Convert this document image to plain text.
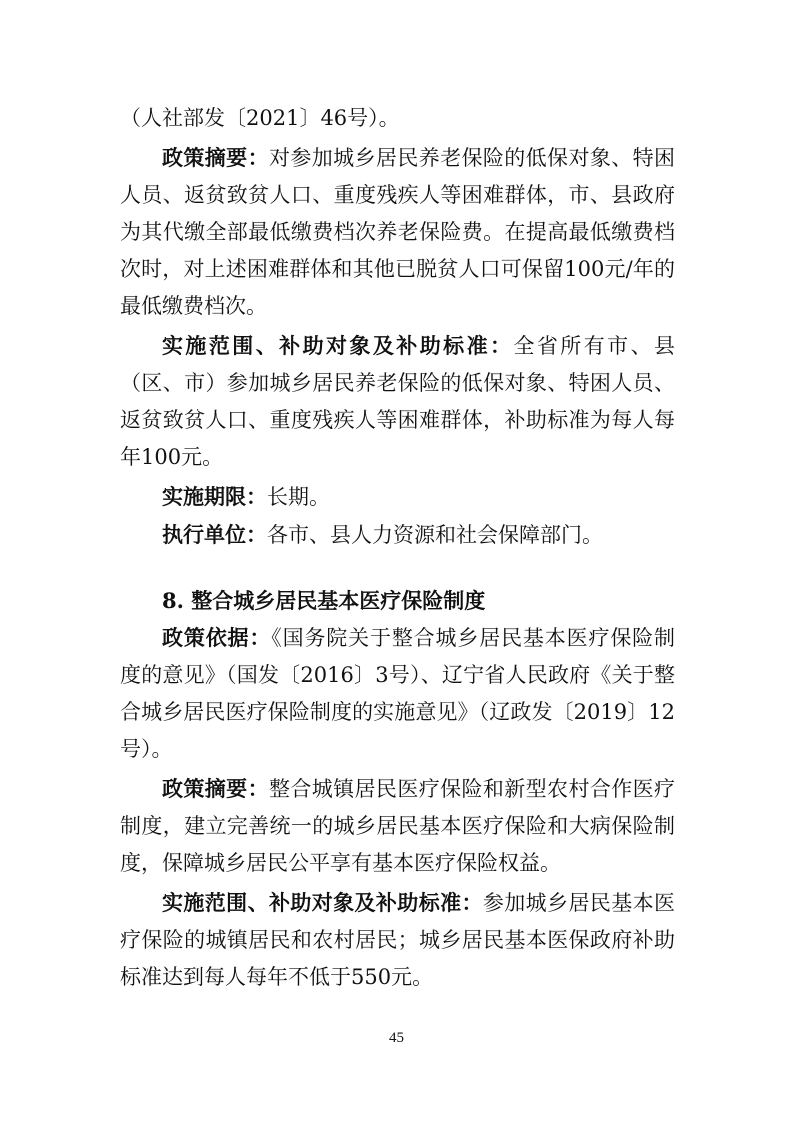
（人社部发〔2021〕46号）。

政策摘要：对参加城乡居民养老保险的低保对象、特困人员、返贫致贫人口、重度残疾人等困难群体，市、县政府为其代缴全部最低缴费档次养老保险费。在提高最低缴费档次时，对上述困难群体和其他已脱贫人口可保留100元/年的最低缴费档次。

实施范围、补助对象及补助标准：全省所有市、县（区、市）参加城乡居民养老保险的低保对象、特困人员、返贫致贫人口、重度残疾人等困难群体，补助标准为每人每年100元。

实施期限：长期。

执行单位：各市、县人力资源和社会保障部门。

8. 整合城乡居民基本医疗保险制度

政策依据：《国务院关于整合城乡居民基本医疗保险制度的意见》（国发〔2016〕3号）、辽宁省人民政府《关于整合城乡居民医疗保险制度的实施意见》（辽政发〔2019〕12号）。

政策摘要：整合城镇居民医疗保险和新型农村合作医疗制度，建立完善统一的城乡居民基本医疗保险和大病保险制度，保障城乡居民公平享有基本医疗保险权益。

实施范围、补助对象及补助标准：参加城乡居民基本医疗保险的城镇居民和农村居民；城乡居民基本医保政府补助标准达到每人每年不低于550元。

45
